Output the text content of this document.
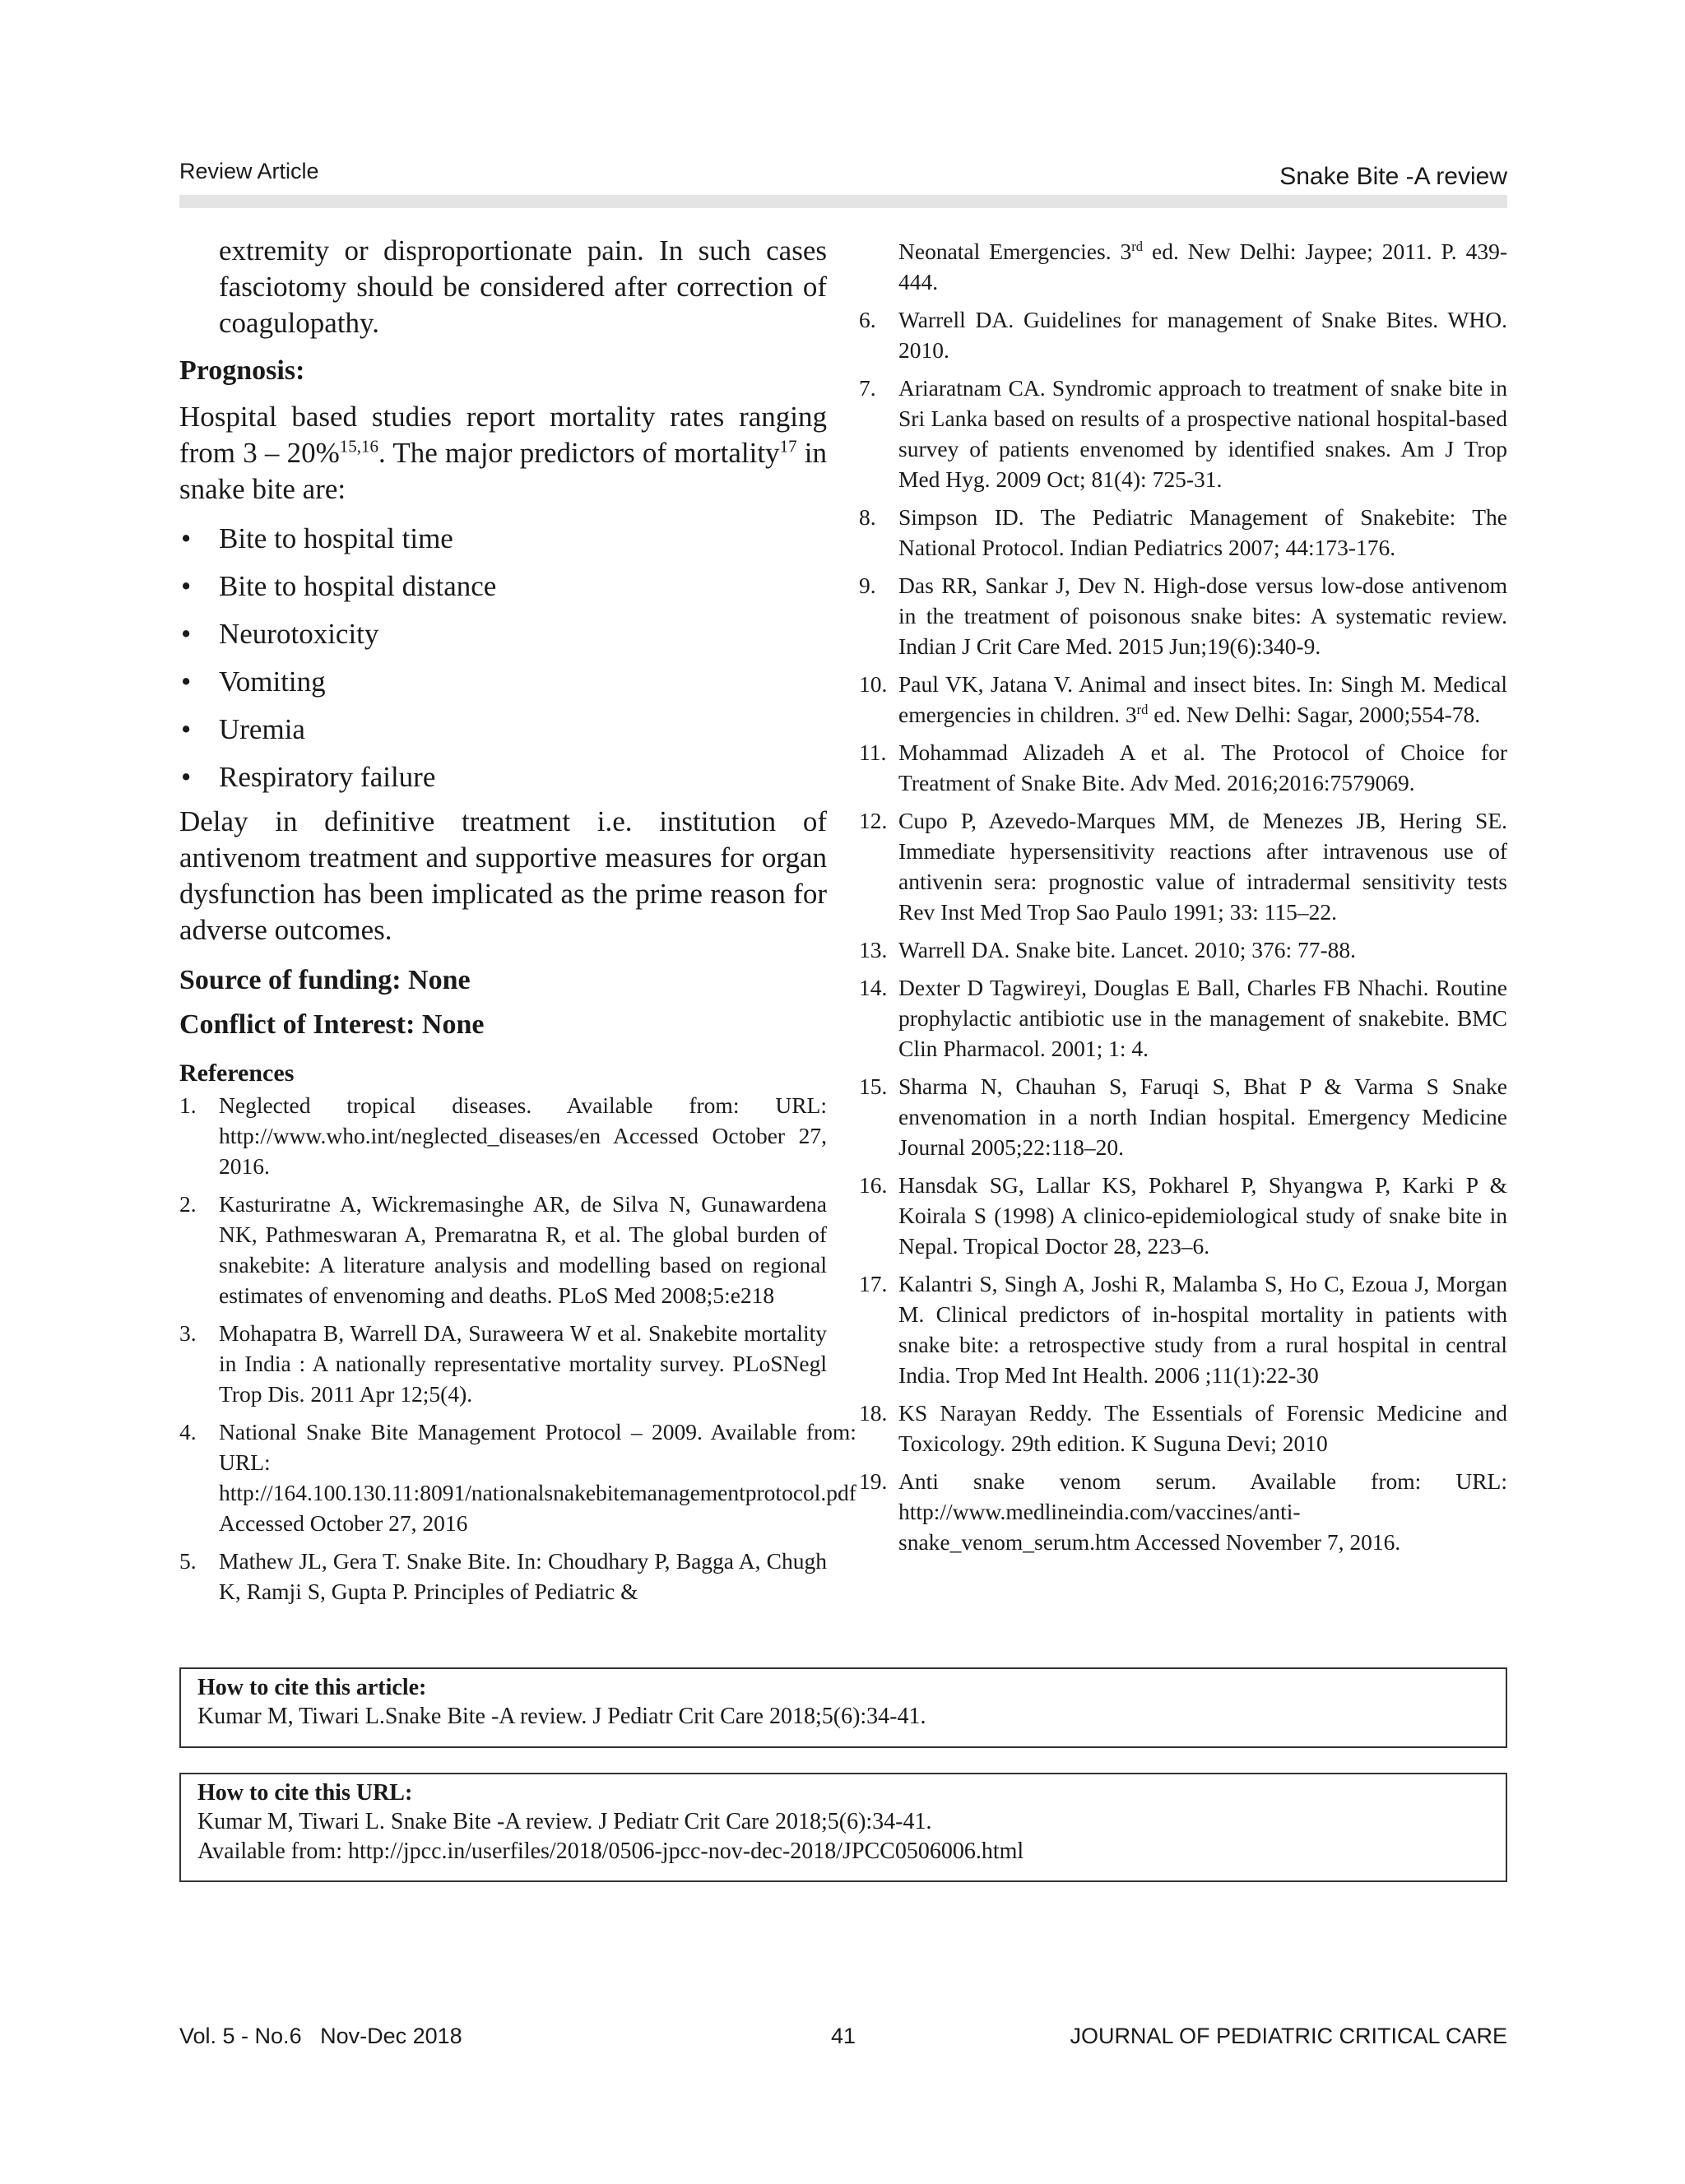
Review Article	Snake Bite -A review

extremity or disproportionate pain. In such cases fasciotomy should be considered after correction of coagulopathy.

Prognosis:

Hospital based studies report mortality rates ranging from 3 – 20%$^{15,16}$. The major predictors of mortality$^{17}$ in snake bite are:

• Bite to hospital time
• Bite to hospital distance
• Neurotoxicity
• Vomiting
• Uremia
• Respiratory failure

Delay in definitive treatment i.e. institution of antivenom treatment and supportive measures for organ dysfunction has been implicated as the prime reason for adverse outcomes.

Source of funding: None

Conflict of Interest: None

References

1. Neglected tropical diseases. Available from: URL: http://www.who.int/neglected_diseases/en Accessed October 27, 2016.
2. Kasturiratne A, Wickremasinghe AR, de Silva N, Gunawardena NK, Pathmeswaran A, Premaratna R, et al. The global burden of snakebite: A literature analysis and modelling based on regional estimates of envenoming and deaths. PLoS Med 2008;5:e218
3. Mohapatra B, Warrell DA, Suraweera W et al. Snakebite mortality in India : A nationally representative mortality survey. PLoSNegl Trop Dis. 2011 Apr 12;5(4).
4. National Snake Bite Management Protocol – 2009. Available from: URL: http://164.100.130.11:8091/nationalsnakebitemanagementprotocol.pdf Accessed October 27, 2016
5. Mathew JL, Gera T. Snake Bite. In: Choudhary P, Bagga A, Chugh K, Ramji S, Gupta P. Principles of Pediatric &
Neonatal Emergencies. 3rd ed. New Delhi: Jaypee; 2011. P. 439-444.
6. Warrell DA. Guidelines for management of Snake Bites. WHO. 2010.
7. Ariaratnam CA. Syndromic approach to treatment of snake bite in Sri Lanka based on results of a prospective national hospital-based survey of patients envenomed by identified snakes. Am J Trop Med Hyg. 2009 Oct; 81(4): 725-31.
8. Simpson ID. The Pediatric Management of Snakebite: The National Protocol. Indian Pediatrics 2007; 44:173-176.
9. Das RR, Sankar J, Dev N. High-dose versus low-dose antivenom in the treatment of poisonous snake bites: A systematic review. Indian J Crit Care Med. 2015 Jun;19(6):340-9.
10. Paul VK, Jatana V. Animal and insect bites. In: Singh M. Medical emergencies in children. 3rd ed. New Delhi: Sagar, 2000;554-78.
11. Mohammad Alizadeh A et al. The Protocol of Choice for Treatment of Snake Bite. Adv Med. 2016;2016:7579069.
12. Cupo P, Azevedo-Marques MM, de Menezes JB, Hering SE. Immediate hypersensitivity reactions after intravenous use of antivenin sera: prognostic value of intradermal sensitivity tests Rev Inst Med Trop Sao Paulo 1991; 33: 115–22.
13. Warrell DA. Snake bite. Lancet. 2010; 376: 77-88.
14. Dexter D Tagwireyi, Douglas E Ball, Charles FB Nhachi. Routine prophylactic antibiotic use in the management of snakebite. BMC Clin Pharmacol. 2001; 1: 4.
15. Sharma N, Chauhan S, Faruqi S, Bhat P & Varma S Snake envenomation in a north Indian hospital. Emergency Medicine Journal 2005;22:118–20.
16. Hansdak SG, Lallar KS, Pokharel P, Shyangwa P, Karki P & Koirala S (1998) A clinico-epidemiological study of snake bite in Nepal. Tropical Doctor 28, 223–6.
17. Kalantri S, Singh A, Joshi R, Malamba S, Ho C, Ezoua J, Morgan M. Clinical predictors of in-hospital mortality in patients with snake bite: a retrospective study from a rural hospital in central India. Trop Med Int Health. 2006 ;11(1):22-30
18. KS Narayan Reddy. The Essentials of Forensic Medicine and Toxicology. 29th edition. K Suguna Devi; 2010
19. Anti snake venom serum. Available from: URL: http://www.medlineindia.com/vaccines/anti-snake_venom_serum.htm Accessed November 7, 2016.
How to cite this article:
Kumar M, Tiwari L.Snake Bite -A review. J Pediatr Crit Care 2018;5(6):34-41.
How to cite this URL:
Kumar M, Tiwari L. Snake Bite -A review. J Pediatr Crit Care 2018;5(6):34-41.
Available from: http://jpcc.in/userfiles/2018/0506-jpcc-nov-dec-2018/JPCC0506006.html
Vol. 5 - No.6   Nov-Dec 2018	41	JOURNAL OF PEDIATRIC CRITICAL CARE
